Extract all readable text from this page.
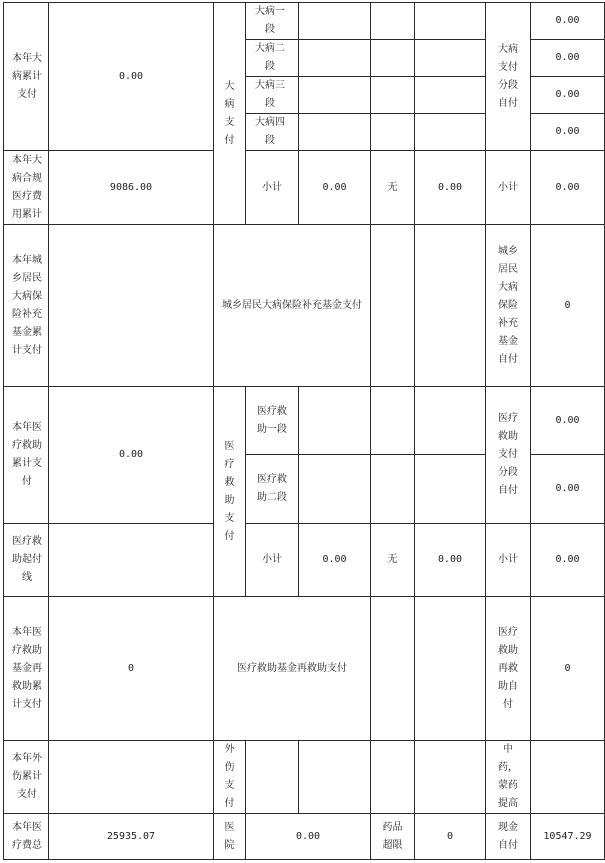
本年大病累计支付	0.00	大病支付	大病一段				大病支付分段自付	0.00

			大病二段					0.00

			大病三段					0.00

			大病四段					0.00

本年大病合规医疗费用累计	9086.00		小计	0.00	无	0.00	小计	0.00

本年城乡居民大病保险补充基金累计支付		城乡居民大病保险补充基金支付					城乡居民大病保险补充基金自付	0

本年医疗救助累计支付	0.00	医疗救助支付	医疗救助一段				医疗救助支付分段自付	0.00

			医疗救助二段					0.00

医疗救助起付线			小计	0.00	无	0.00	小计	0.00

本年医疗救助基金再救助累计支付	0	医疗救助基金再救助支付					医疗救助再救助自付	0

本年外伤累计支付		外伤支付					中药，蒙药提高	

本年医疗费总	25935.07	医院	0.00		药品超限	0	现金自付	10547.29
